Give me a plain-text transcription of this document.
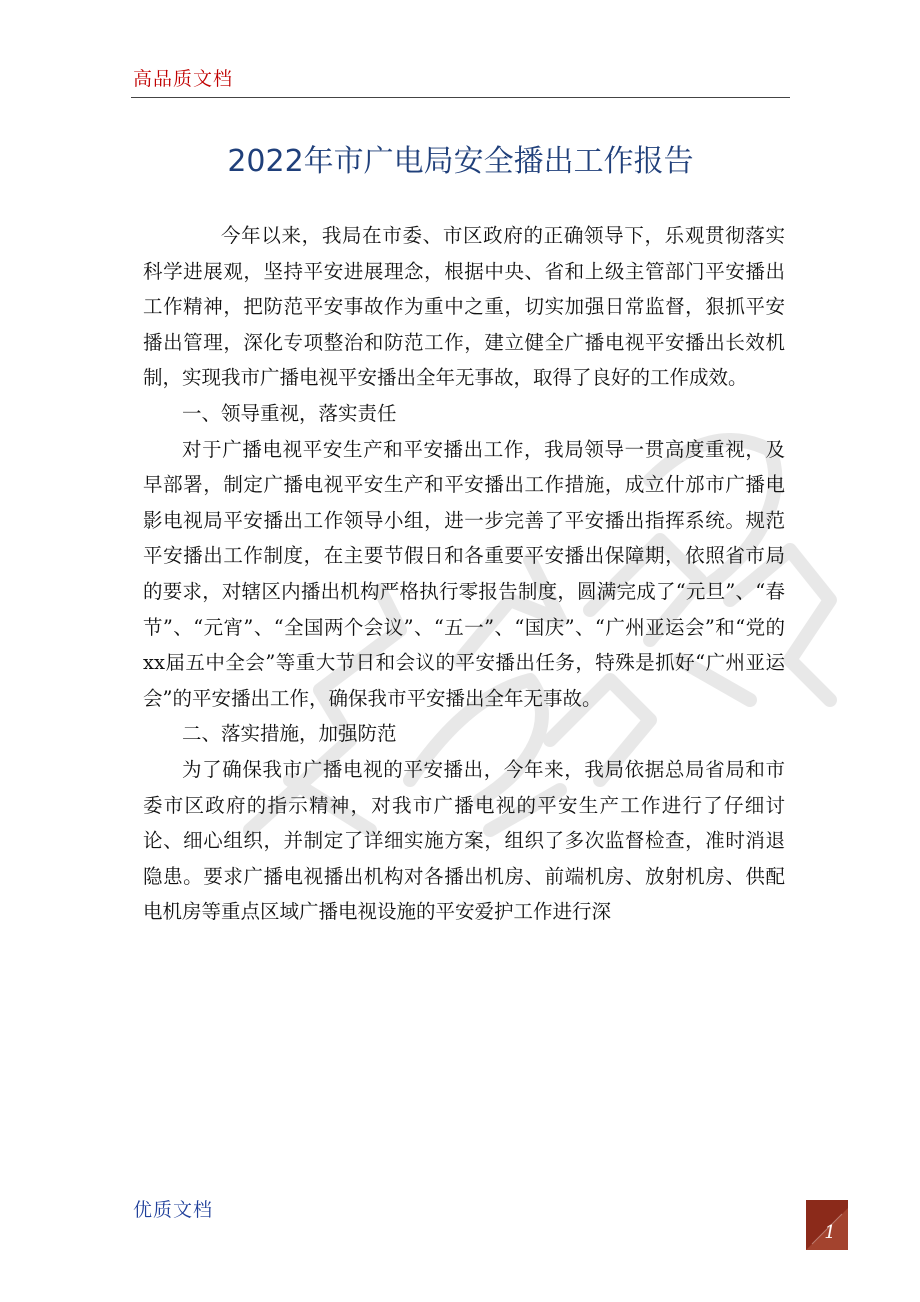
高品质文档
2022年市广电局安全播出工作报告

今年以来，我局在市委、市区政府的正确领导下，乐观贯彻落实科学进展观，坚持平安进展理念，根据中央、省和上级主管部门平安播出工作精神，把防范平安事故作为重中之重，切实加强日常监督，狠抓平安播出管理，深化专项整治和防范工作，建立健全广播电视平安播出长效机制，实现我市广播电视平安播出全年无事故，取得了良好的工作成效。

一、领导重视，落实责任

对于广播电视平安生产和平安播出工作，我局领导一贯高度重视，及早部署，制定广播电视平安生产和平安播出工作措施，成立什邡市广播电影电视局平安播出工作领导小组，进一步完善了平安播出指挥系统。规范平安播出工作制度，在主要节假日和各重要平安播出保障期，依照省市局的要求，对辖区内播出机构严格执行零报告制度，圆满完成了“元旦”、“春节”、“元宵”、“全国两个会议”、“五一”、“国庆”、“广州亚运会”和“党的xx届五中全会”等重大节日和会议的平安播出任务，特殊是抓好“广州亚运会”的平安播出工作，确保我市平安播出全年无事故。

二、落实措施，加强防范

为了确保我市广播电视的平安播出，今年来，我局依据总局省局和市委市区政府的指示精神，对我市广播电视的平安生产工作进行了仔细讨论、细心组织，并制定了详细实施方案，组织了多次监督检查，准时消退隐患。要求广播电视播出机构对各播出机房、前端机房、放射机房、供配电机房等重点区域广播电视设施的平安爱护工作进行深

优质文档
1
